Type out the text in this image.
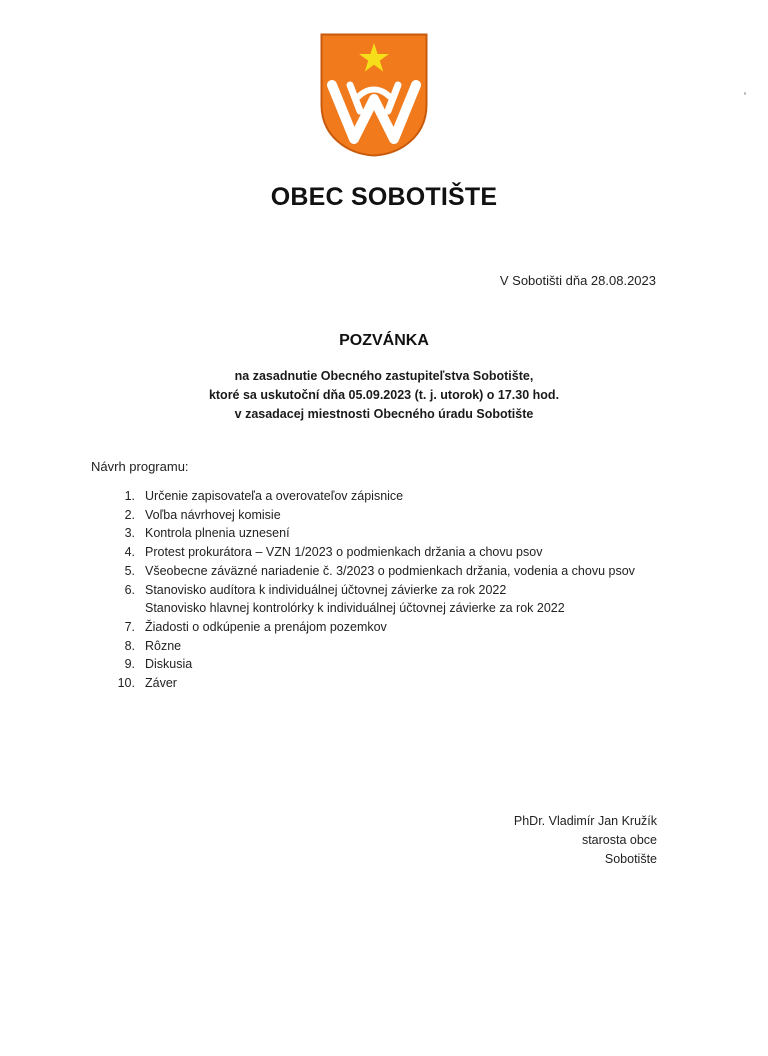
OBEC SOBOTIŠTE
V Sobotišti dňa 28.08.2023
POZVÁNKA
na zasadnutie Obecného zastupiteľstva Sobotište,
ktoré sa uskutoční dňa 05.09.2023 (t. j. utorok) o 17.30 hod.
v zasadacej miestnosti Obecného úradu Sobotište
Návrh programu:
1. Určenie zapisovateľa a overovateľov zápisnice
2. Voľba návrhovej komisie
3. Kontrola plnenia uznesení
4. Protest prokurátora – VZN 1/2023 o podmienkach držania a chovu psov
5. Všeobecne záväzné nariadenie č. 3/2023 o podmienkach držania, vodenia a chovu psov
6. Stanovisko audítora k individuálnej účtovnej závierke za rok 2022
Stanovisko hlavnej kontrolórky k individuálnej účtovnej závierke za rok 2022
7. Žiadosti o odkúpenie a prenájom pozemkov
8. Rôzne
9. Diskusia
10. Záver
PhDr. Vladimír Jan Kružík
starosta obce
Sobotište
